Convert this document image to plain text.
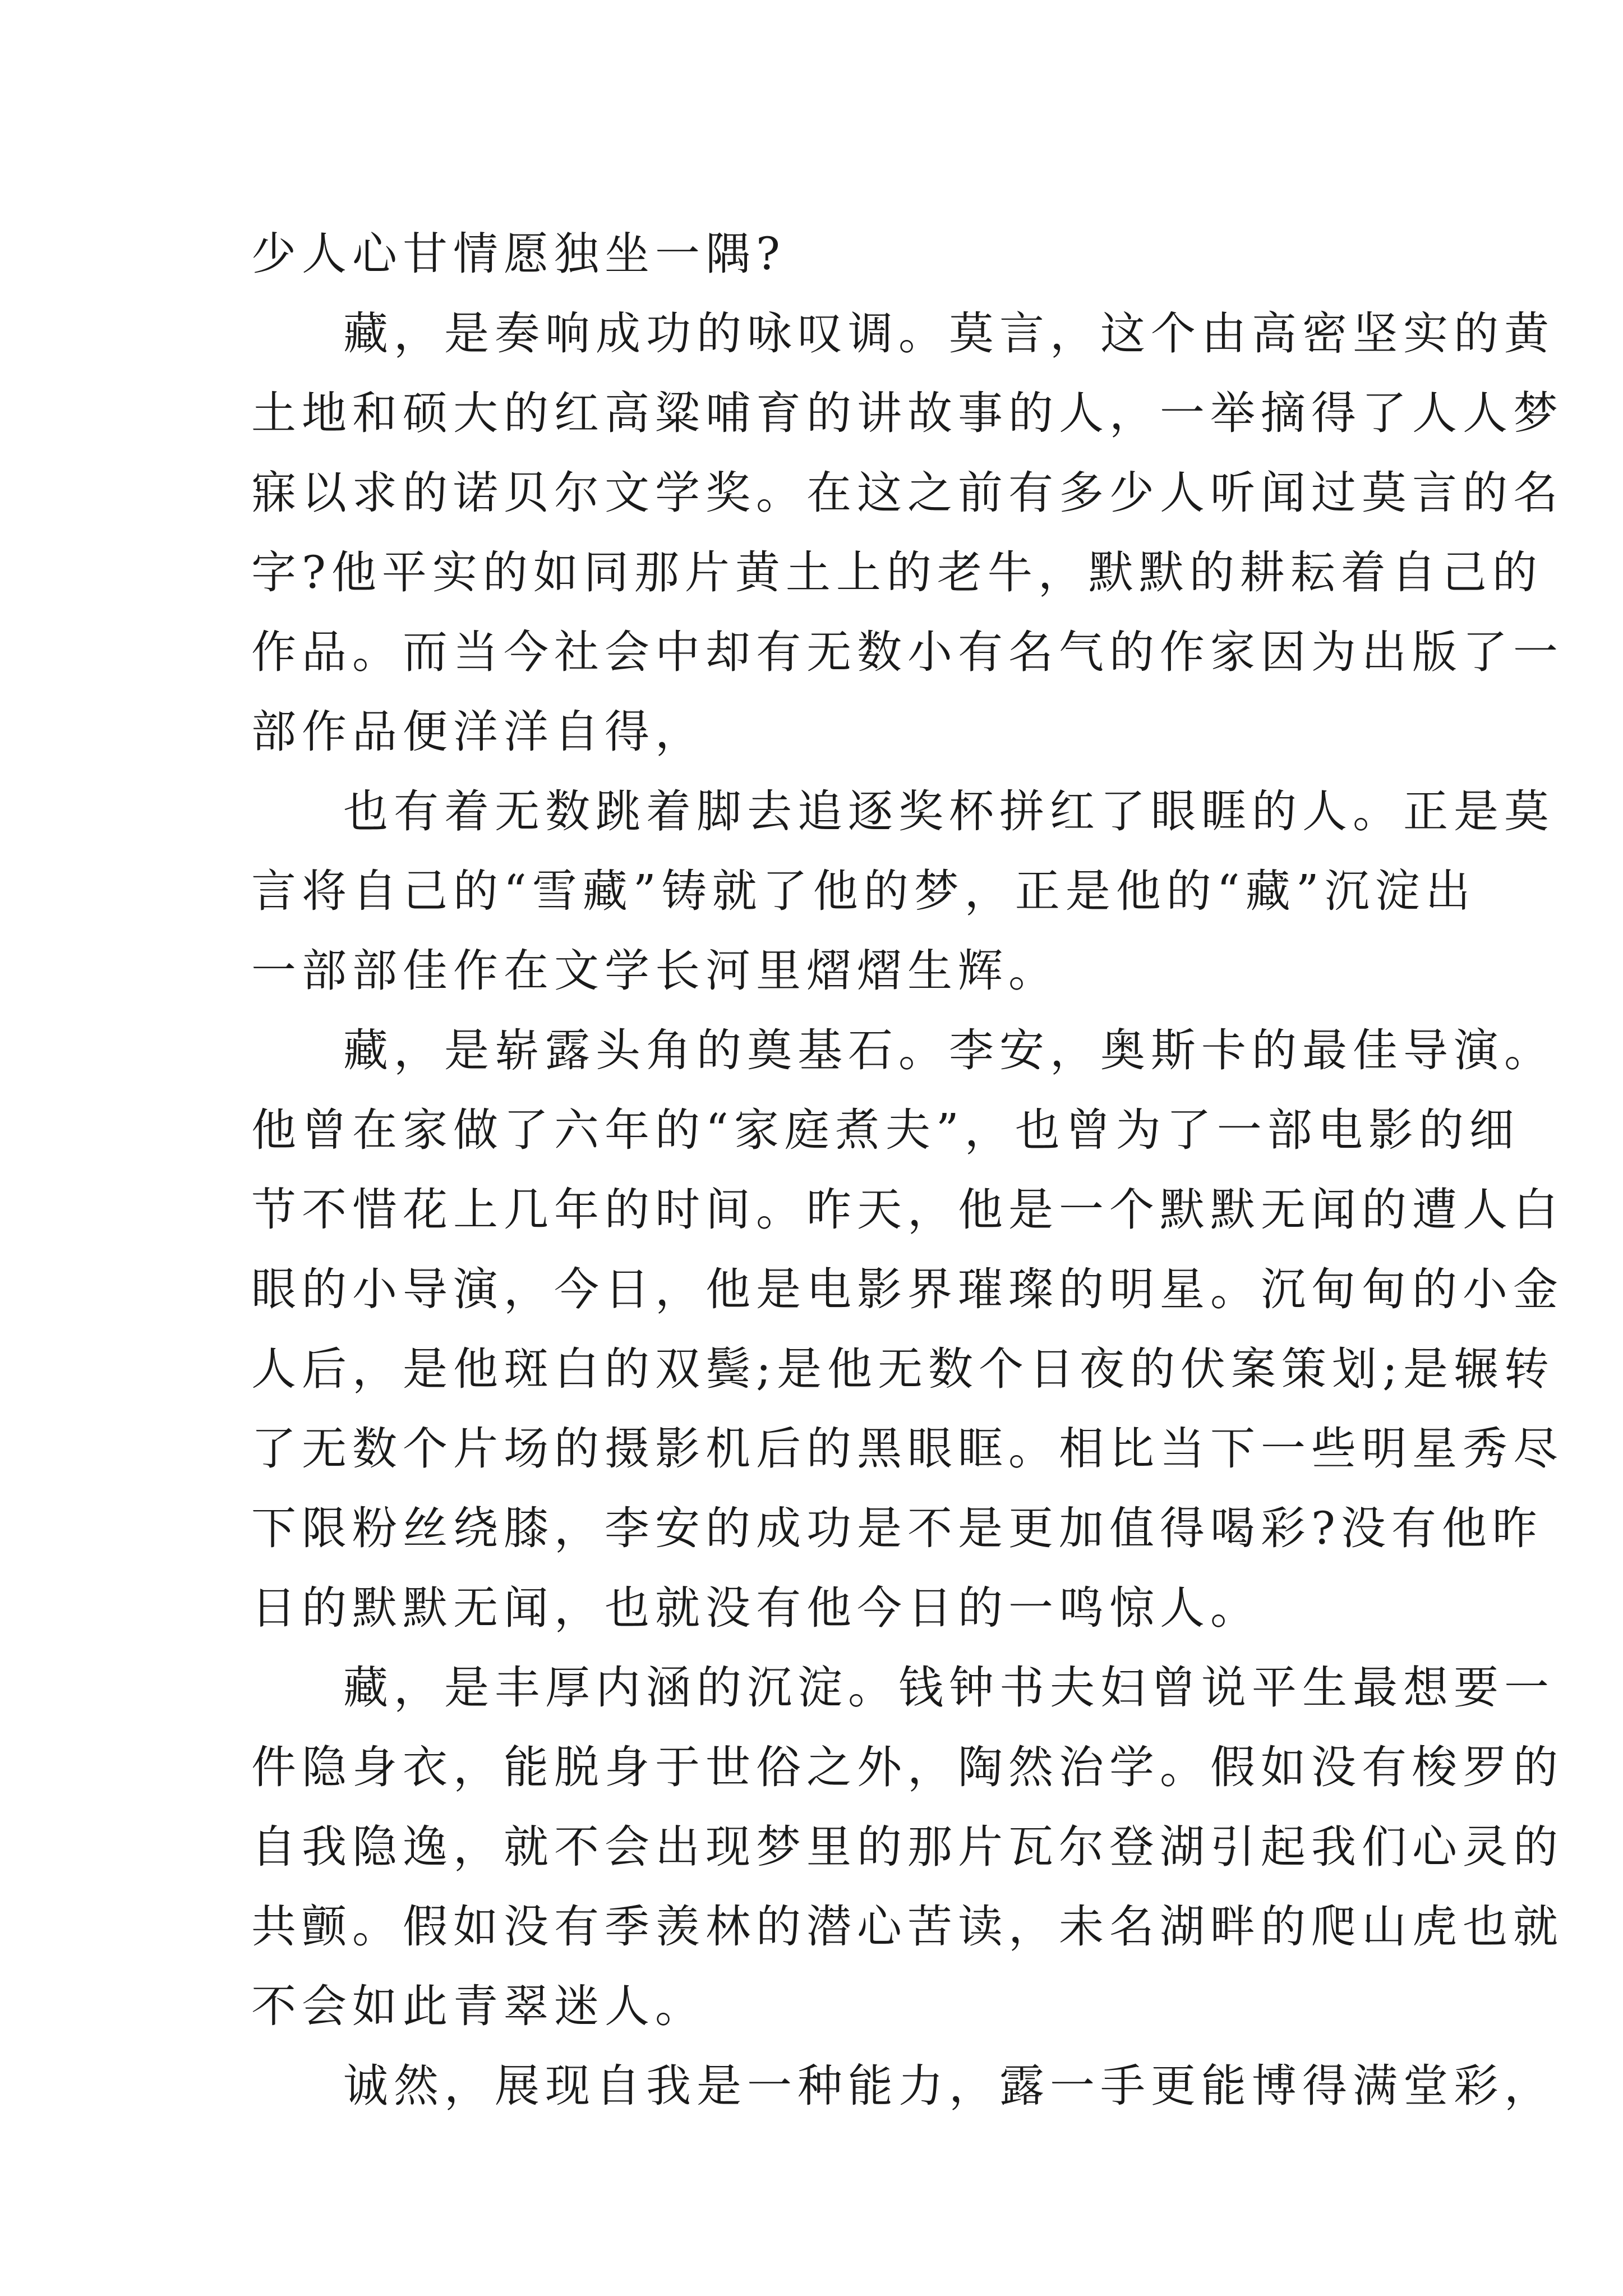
少人心甘情愿独坐一隅?
藏，是奏响成功的咏叹调。莫言，这个由高密坚实的黄
土地和硕大的红高粱哺育的讲故事的人，一举摘得了人人梦
寐以求的诺贝尔文学奖。在这之前有多少人听闻过莫言的名
字?他平实的如同那片黄土上的老牛，默默的耕耘着自己的
作品。而当今社会中却有无数小有名气的作家因为出版了一
部作品便洋洋自得，
也有着无数跳着脚去追逐奖杯拼红了眼睚的人。正是莫
言将自己的“雪藏”铸就了他的梦，正是他的“藏”沉淀出
一部部佳作在文学长河里熠熠生辉。
藏，是崭露头角的奠基石。李安，奥斯卡的最佳导演。
他曾在家做了六年的“家庭煮夫”，也曾为了一部电影的细
节不惜花上几年的时间。昨天，他是一个默默无闻的遭人白
眼的小导演，今日，他是电影界璀璨的明星。沉甸甸的小金
人后，是他斑白的双鬓;是他无数个日夜的伏案策划;是辗转
了无数个片场的摄影机后的黑眼眶。相比当下一些明星秀尽
下限粉丝绕膝，李安的成功是不是更加值得喝彩?没有他昨
日的默默无闻，也就没有他今日的一鸣惊人。
藏，是丰厚内涵的沉淀。钱钟书夫妇曾说平生最想要一
件隐身衣，能脱身于世俗之外，陶然治学。假如没有梭罗的
自我隐逸，就不会出现梦里的那片瓦尔登湖引起我们心灵的
共颤。假如没有季羡林的潜心苦读，未名湖畔的爬山虎也就
不会如此青翠迷人。
诚然，展现自我是一种能力，露一手更能博得满堂彩，
